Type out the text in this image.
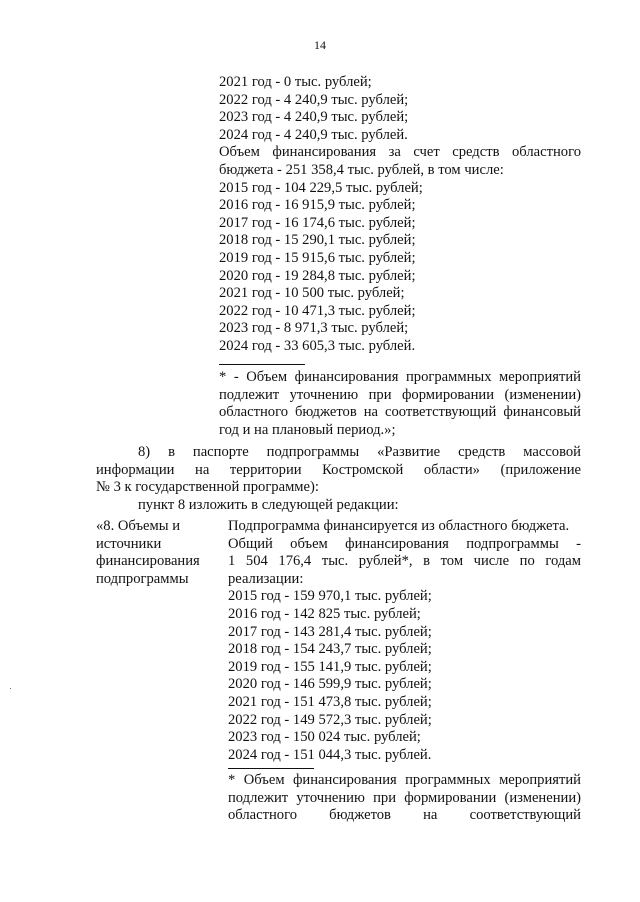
14
2021 год - 0 тыс. рублей;
2022 год - 4 240,9 тыс. рублей;
2023 год - 4 240,9 тыс. рублей;
2024 год - 4 240,9 тыс. рублей.
Объем финансирования за счет средств областного
бюджета - 251 358,4 тыс. рублей, в том числе:
2015 год - 104 229,5 тыс. рублей;
2016 год - 16 915,9 тыс. рублей;
2017 год - 16 174,6 тыс. рублей;
2018 год - 15 290,1 тыс. рублей;
2019 год - 15 915,6 тыс. рублей;
2020 год - 19 284,8 тыс. рублей;
2021 год - 10 500 тыс. рублей;
2022 год - 10 471,3 тыс. рублей;
2023 год - 8 971,3 тыс. рублей;
2024 год - 33 605,3 тыс. рублей.
* - Объем финансирования программных мероприятий
подлежит уточнению при формировании (изменении)
областного бюджетов на соответствующий финансовый
год и на плановый период.»;
8) в паспорте подпрограммы «Развитие средств массовой
информации на территории Костромской области» (приложение
№ 3 к государственной программе):
пункт 8 изложить в следующей редакции:
«8. Объемы и
источники
финансирования
подпрограммы
Подпрограмма финансируется из областного бюджета.
Общий объем финансирования подпрограммы -
1 504 176,4 тыс. рублей*, в том числе по годам
реализации:
2015 год - 159 970,1 тыс. рублей;
2016 год - 142 825 тыс. рублей;
2017 год - 143 281,4 тыс. рублей;
2018 год - 154 243,7 тыс. рублей;
2019 год - 155 141,9 тыс. рублей;
2020 год - 146 599,9 тыс. рублей;
2021 год - 151 473,8 тыс. рублей;
2022 год - 149 572,3 тыс. рублей;
2023 год - 150 024 тыс. рублей;
2024 год - 151 044,3 тыс. рублей.
* Объем финансирования программных мероприятий
подлежит уточнению при формировании (изменении)
областного бюджетов на соответствующий
